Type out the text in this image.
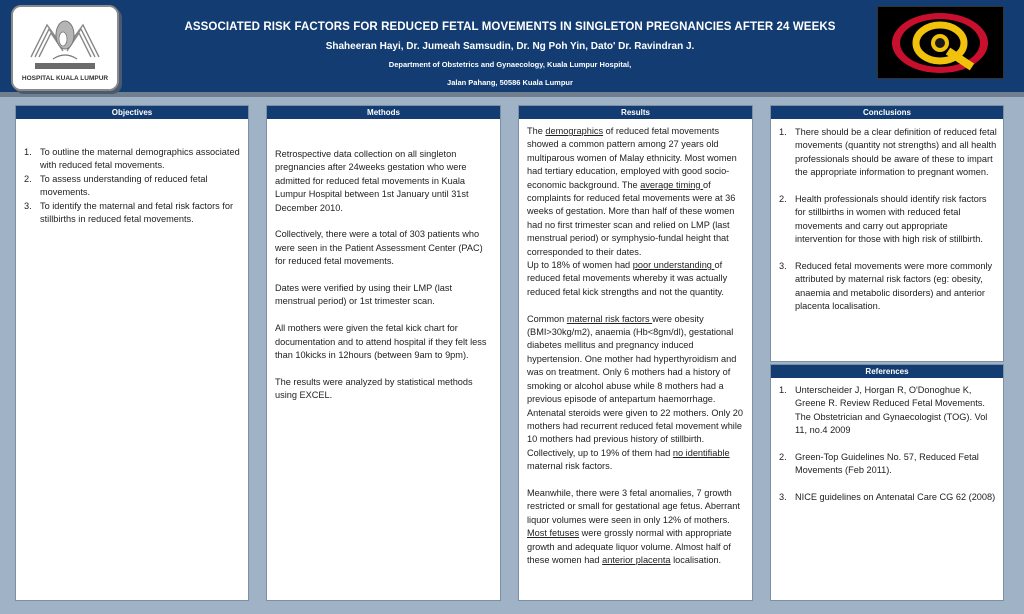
HOSPITAL KUALA LUMPUR
ASSOCIATED RISK FACTORS FOR REDUCED FETAL MOVEMENTS IN SINGLETON PREGNANCIES AFTER 24 WEEKS
Shaheeran Hayi, Dr. Jumeah Samsudin, Dr. Ng Poh Yin, Dato' Dr. Ravindran J.
Department of Obstetrics and Gynaecology, Kuala Lumpur Hospital,
Jalan Pahang, 50586 Kuala Lumpur
Objectives
1. To outline the maternal demographics associated with reduced fetal movements.
2. To assess understanding of reduced fetal movements.
3. To identify the maternal and fetal risk factors for stillbirths in reduced fetal movements.
Methods

Retrospective data collection on all singleton pregnancies after 24weeks gestation who were admitted for reduced fetal movements in Kuala Lumpur Hospital between 1st January until 31st December 2010.

Collectively, there were a total of 303 patients who were seen in the Patient Assessment Center (PAC) for reduced fetal movements.

Dates were verified by using their LMP (last menstrual period) or 1st trimester scan.

All mothers were given the fetal kick chart for documentation and to attend hospital if they felt less than 10kicks in 12hours (between 9am to 9pm).

The results were analyzed by statistical methods using EXCEL.

Results

The demographics of reduced fetal movements showed a common pattern among 27 years old multiparous women of Malay ethnicity. Most women had tertiary education, employed with good socio-economic background. The average timing of complaints for reduced fetal movements were at 36 weeks of gestation. More than half of these women had no first trimester scan and relied on LMP (last menstrual period) or symphysio-fundal height that corresponded to their dates.

Up to 18% of women had poor understanding of reduced fetal movements whereby it was actually reduced fetal kick strengths and not the quantity.

Common maternal risk factors were obesity (BMI>30kg/m2), anaemia (Hb<8gm/dl), gestational diabetes mellitus and pregnancy induced hypertension. One mother had hyperthyroidism and was on treatment. Only 6 mothers had a history of smoking or alcohol abuse while 8 mothers had a previous episode of antepartum haemorrhage. Antenatal steroids were given to 22 mothers. Only 20 mothers had recurrent reduced fetal movement while 10 mothers had previous history of stillbirth. Collectively, up to 19% of them had no identifiable maternal risk factors.

Meanwhile, there were 3 fetal anomalies, 7 growth restricted or small for gestational age fetus. Aberrant liquor volumes were seen in only 12% of mothers. Most fetuses were grossly normal with appropriate growth and adequate liquor volume. Almost half of these women had anterior placenta localisation.

Conclusions
1. There should be a clear definition of reduced fetal movements (quantity not strengths) and all health professionals should be aware of these to impart the appropriate information to pregnant women.
2. Health professionals should identify risk factors for stillbirths in women with reduced fetal movements and carry out appropriate intervention for those with high risk of stillbirth.
3. Reduced fetal movements were more commonly attributed by maternal risk factors (eg: obesity, anaemia and metabolic disorders) and anterior placenta localisation.
References
1. Unterscheider J, Horgan R, O'Donoghue K, Greene R. Review Reduced Fetal Movements. The Obstetrician and Gynaecologist (TOG). Vol 11, no.4 2009
2. Green-Top Guidelines No. 57, Reduced Fetal Movements (Feb 2011).
3. NICE guidelines on Antenatal Care CG 62 (2008)
